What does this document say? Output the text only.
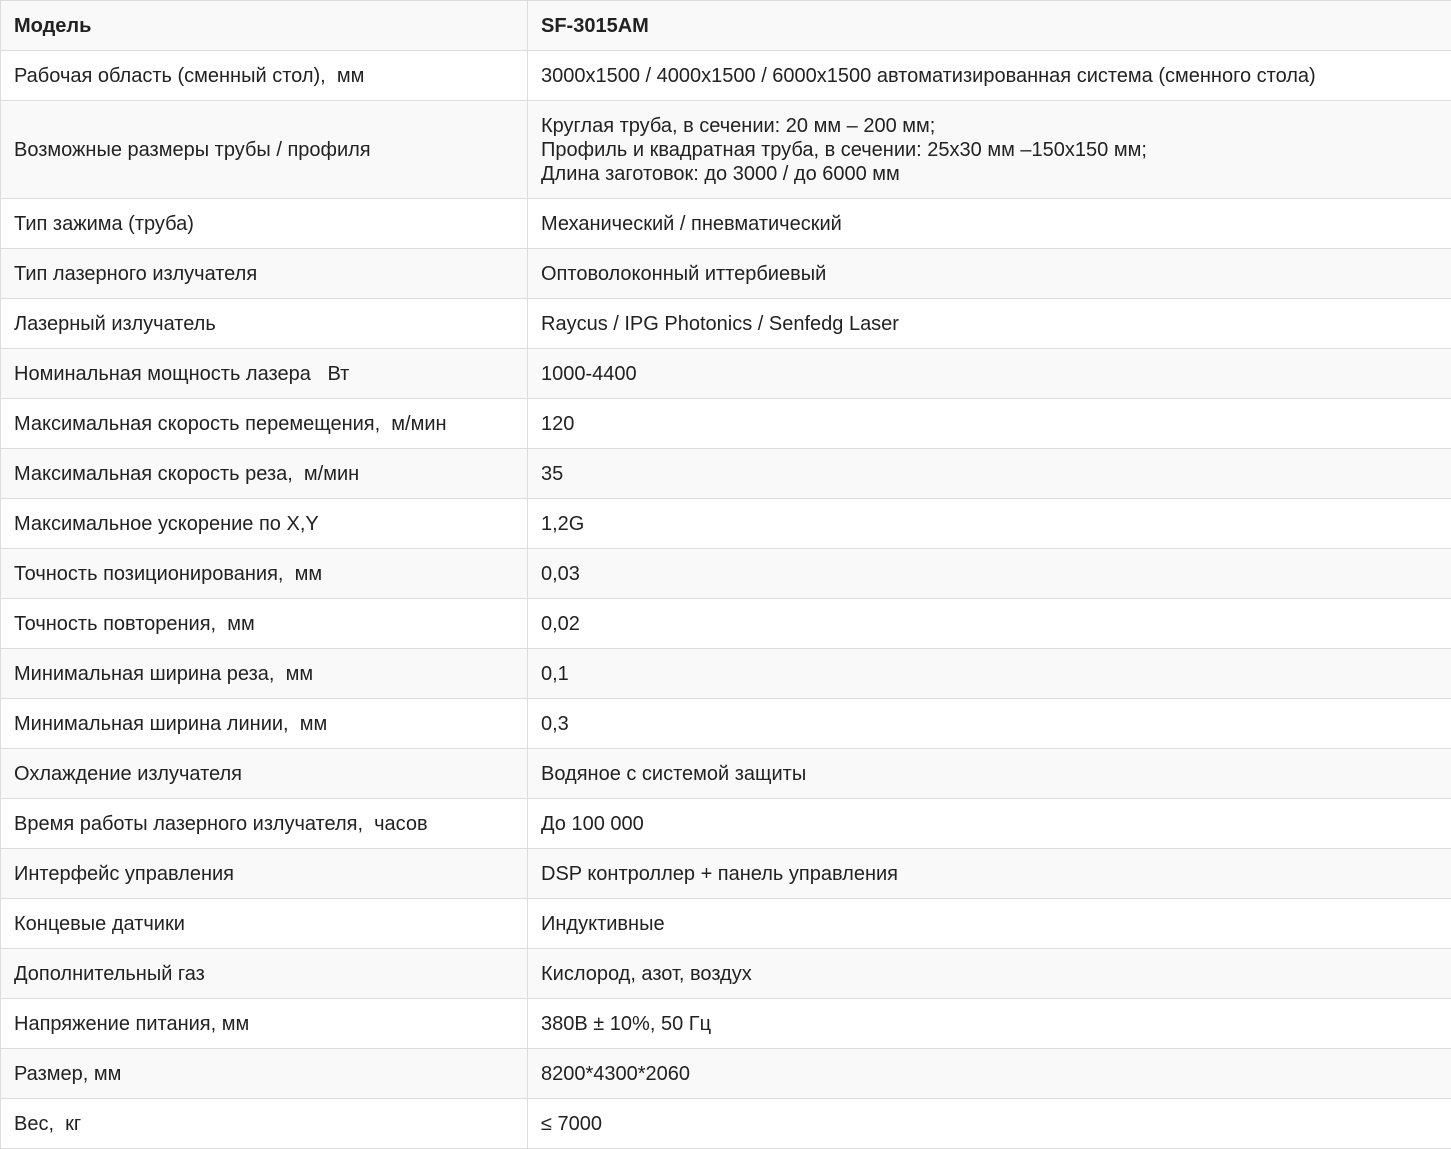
Модель	SF-3015AM
Рабочая область (сменный стол),  мм	3000x1500 / 4000x1500 / 6000x1500 автоматизированная система (сменного стола)
Возможные размеры трубы / профиля	Круглая труба, в сечении: 20 мм – 200 мм;
Профиль и квадратная труба, в сечении: 25x30 мм –150x150 мм;
Длина заготовок: до 3000 / до 6000 мм
Тип зажима (труба)	Механический / пневматический
Тип лазерного излучателя	Оптоволоконный иттербиевый
Лазерный излучатель	Raycus / IPG Photonics / Senfedg Laser
Номинальная мощность лазера   Вт	1000-4400
Максимальная скорость перемещения,  м/мин	120
Максимальная скорость реза,  м/мин	35
Максимальное ускорение по X,Y	1,2G
Точность позиционирования,  мм	0,03
Точность повторения,  мм	0,02
Минимальная ширина реза,  мм	0,1
Минимальная ширина линии,  мм	0,3
Охлаждение излучателя	Водяное с системой защиты
Время работы лазерного излучателя,  часов	До 100 000
Интерфейс управления	DSP контроллер + панель управления
Концевые датчики	Индуктивные
Дополнительный газ	Кислород, азот, воздух
Напряжение питания, мм	380В ± 10%, 50 Гц
Размер, мм	8200*4300*2060
Вес,  кг	≤ 7000
